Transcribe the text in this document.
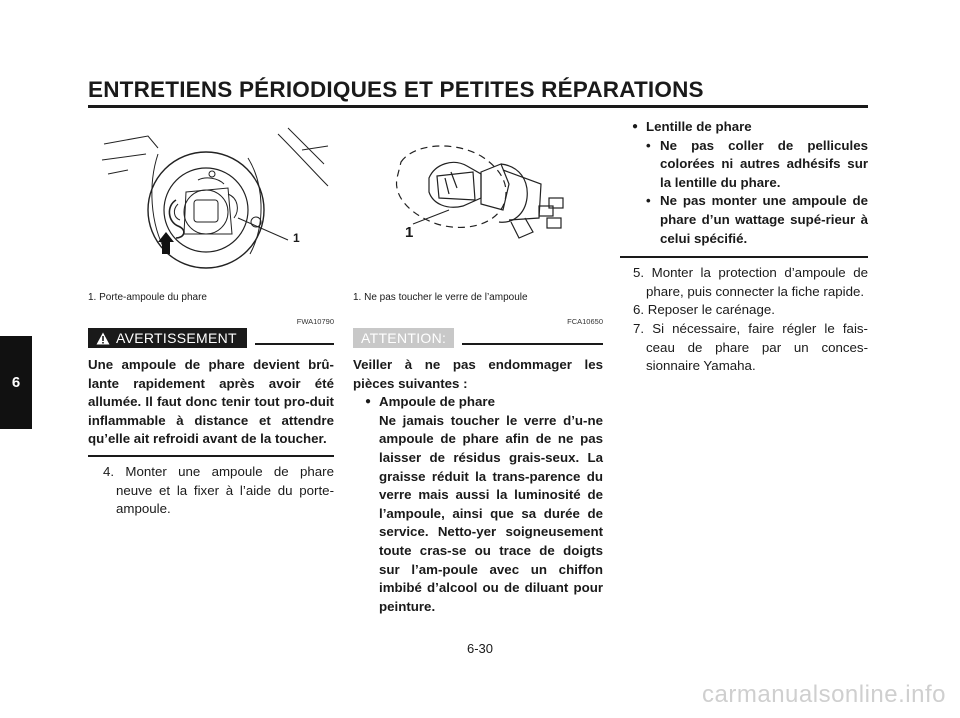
ENTRETIENS PÉRIODIQUES ET PETITES RÉPARATIONS
6
1
1. Porte-ampoule du phare
FWA10790
AVERTISSEMENT
Une ampoule de phare devient brû-lante rapidement après avoir été allumée. Il faut donc tenir tout pro-duit inflammable à distance et attendre qu’elle ait refroidi avant de la toucher.
4. Monter une ampoule de phare neuve et la fixer à l’aide du porte-ampoule.
1
1. Ne pas toucher le verre de l’ampoule
FCA10650
ATTENTION:
Veiller à ne pas endommager les pièces suivantes :
● Ampoule de phare
Ne jamais toucher le verre d’u-ne ampoule de phare afin de ne pas laisser de résidus grais-seux. La graisse réduit la trans-parence du verre mais aussi la luminosité de l’ampoule, ainsi que sa durée de service. Netto-yer soigneusement toute cras-se ou trace de doigts sur l’am-poule avec un chiffon imbibé d’alcool ou de diluant pour peinture.
● Lentille de phare
• Ne pas coller de pellicules colorées ni autres adhésifs sur la lentille du phare.
• Ne pas monter une ampoule de phare d’un wattage supé-rieur à celui spécifié.
5. Monter la protection d’ampoule de phare, puis connecter la fiche rapide.
6. Reposer le carénage.
7. Si nécessaire, faire régler le fais-ceau de phare par un conces-sionnaire Yamaha.
6-30
carmanualsonline.info
